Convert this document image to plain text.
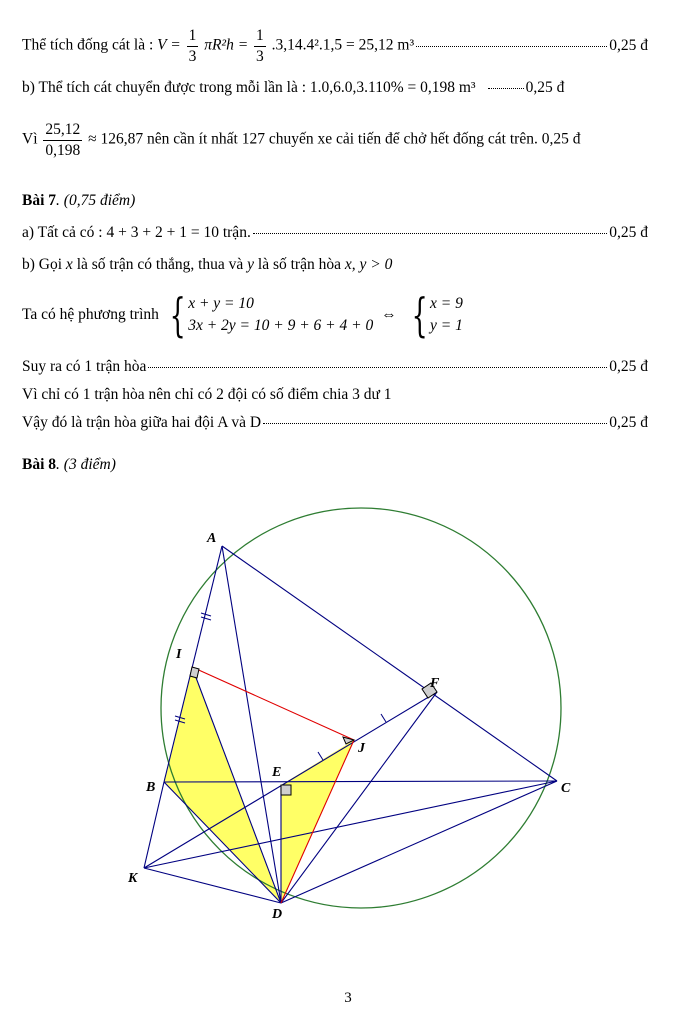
Thể tích đống cát là : $V = \frac{1}{3} \pi R^2h = \frac{1}{3} .3,14.4^2.1,5 = 25,12$ m³	0,25 đ
b) Thể tích cát chuyển được trong mỗi lần là : 1.0,6.0,3.110% = 0,198 m³	0,25 đ
Vì $\frac{25,12}{0,198} \approx 126,87$ nên cần ít nhất 127 chuyến xe cải tiến để chở hết đống cát trên. 0,25 đ
Bài 7. (0,75 điểm)
a) Tất cả có : 4 + 3 + 2 + 1 = 10 trận.	0,25 đ
b) Gọi x là số trận có thắng, thua và y là số trận hòa x, y > 0
Ta có hệ phương trình { x + y = 10
3x + 2y = 10 + 9 + 6 + 4 + 0
⇔ { x = 9
y = 1
Suy ra có 1 trận hòa	0,25 đ
Vì chỉ có 1 trận hòa nên chỉ có 2 đội có số điểm chia 3 dư 1
Vậy đó là trận hòa giữa hai đội A và D	0,25 đ
Bài 8. (3 điểm)
A
I
F
J
E
B	C
K
D
3
